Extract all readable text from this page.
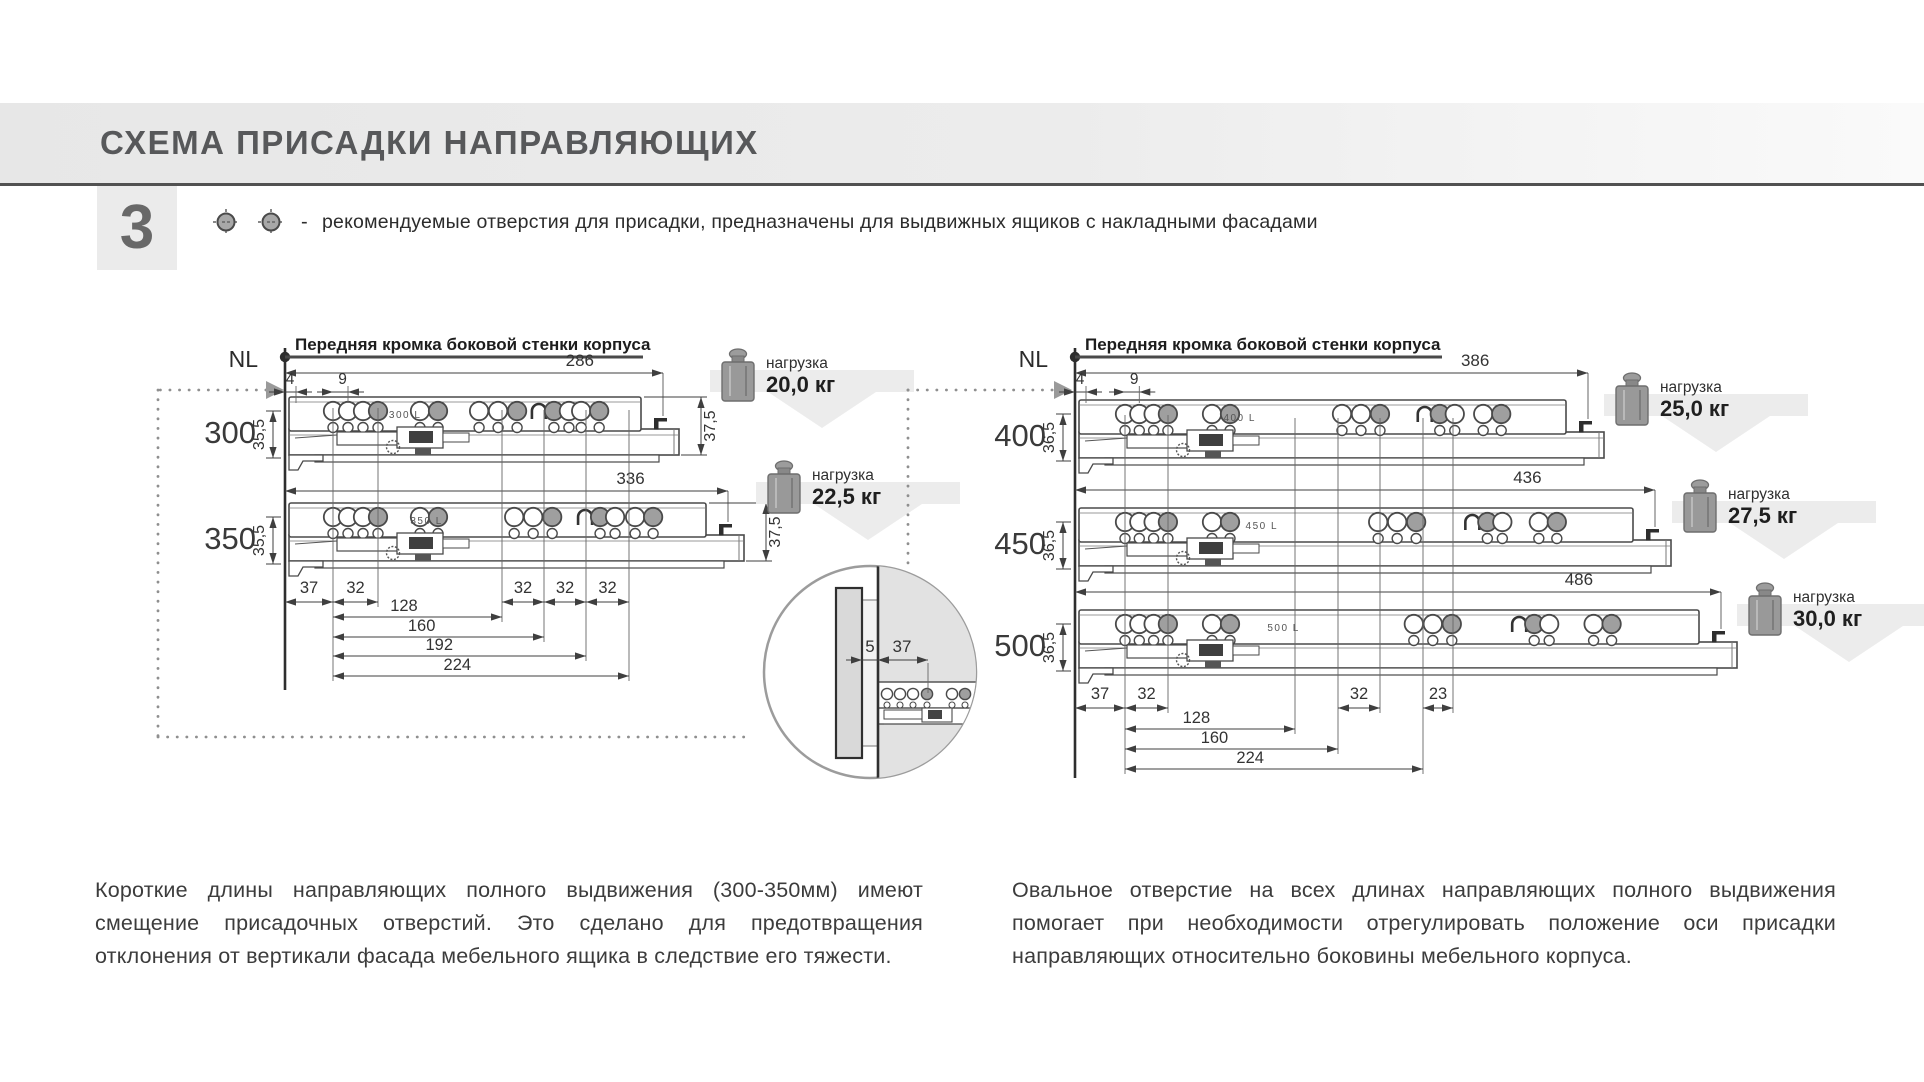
СХЕМА ПРИСАДКИ НАПРАВЛЯЮЩИХ
3	- рекомендуемые отверстия для присадки, предназначены для выдвижных ящиков с накладными фасадами
NL
Передняя кромка боковой стенки корпуса
300 L
286
300
35,5	37,5
350 L
336
350
35,5	37,5
4	9
37 32	32 32 32
128
160
192
224
нагрузка
20,0 кг
нагрузка
22,5 кг
NL
Передняя кромка боковой стенки корпуса
400 L
386
400
36,5
450 L
436
450
36,5
500 L
486
500
36,5
4	9
37 32	32	23
128
160
224
нагрузка
25,0 кг
нагрузка
27,5 кг
нагрузка
30,0 кг
5 37

Короткие длины направляющих полного выдвижения (300-350мм) имеют смещение присадочных отверстий. Это сделано для предотвращения отклонения от вертикали фасада мебельного ящика в следствие его тяжести.

Овальное отверстие на всех длинах направляющих полного выдвижения помогает при необходимости отрегулировать положение оси присадки направляющих относительно боковины мебельного корпуса.
